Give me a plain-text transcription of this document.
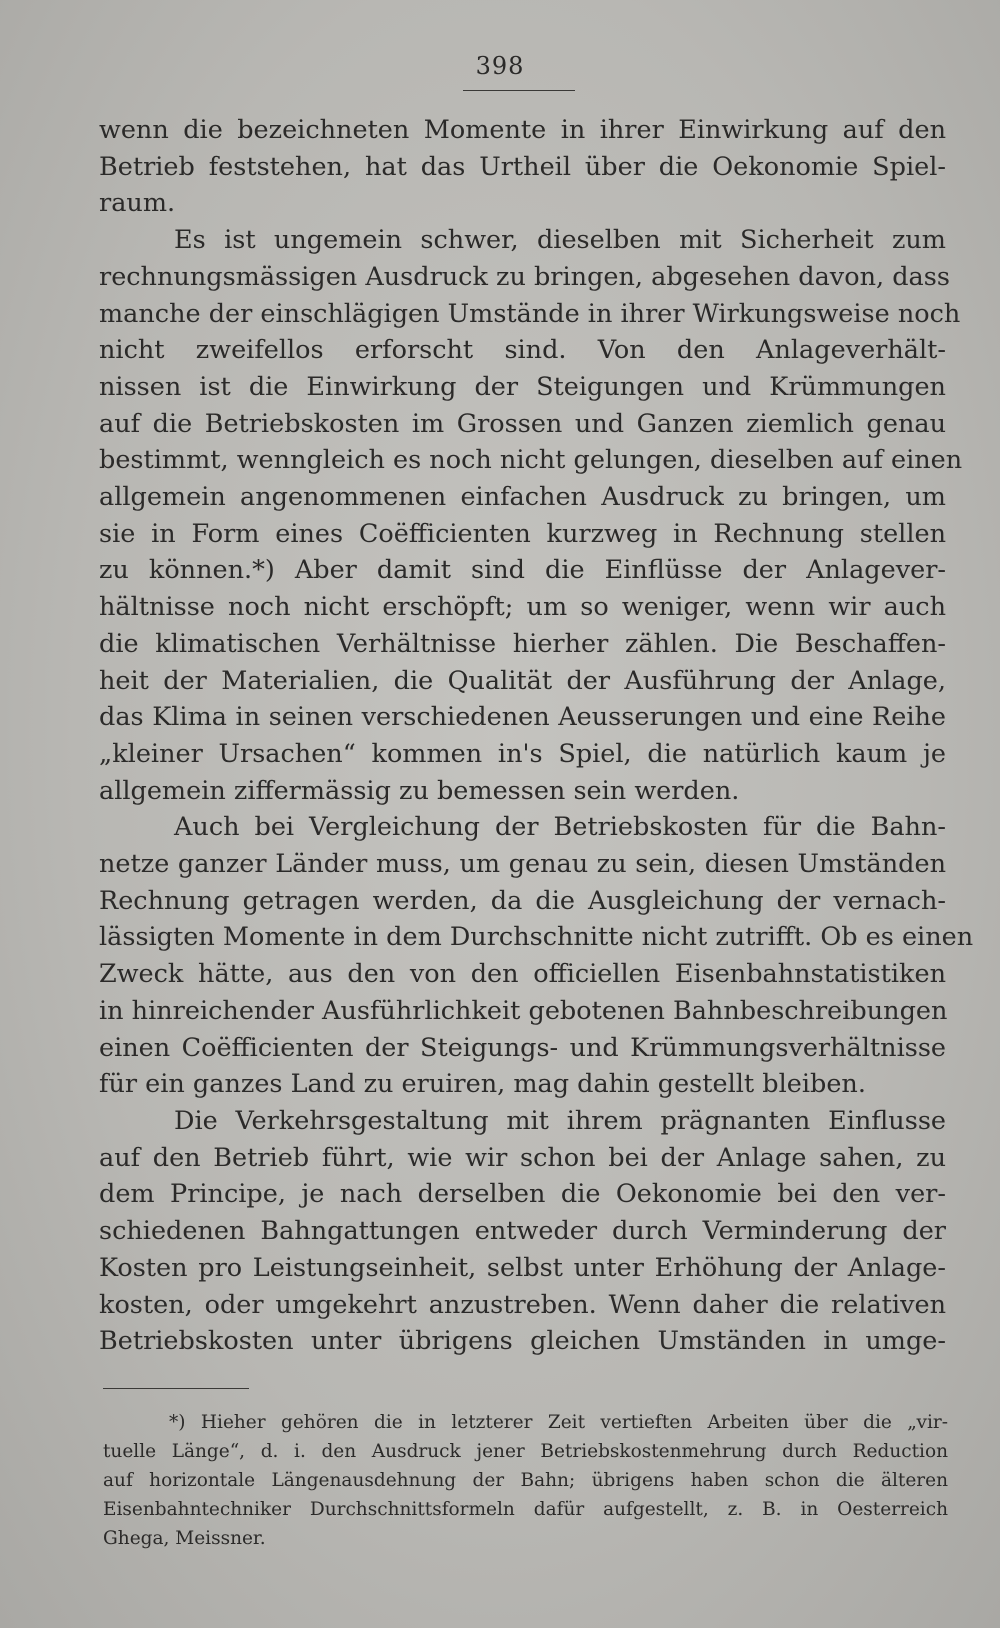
398
wenn die bezeichneten Momente in ihrer Einwirkung auf den
Betrieb feststehen, hat das Urtheil über die Oekonomie Spiel-
raum.
Es ist ungemein schwer, dieselben mit Sicherheit zum
rechnungsmässigen Ausdruck zu bringen, abgesehen davon, dass
manche der einschlägigen Umstände in ihrer Wirkungsweise noch
nicht zweifellos erforscht sind. Von den Anlageverhält-
nissen ist die Einwirkung der Steigungen und Krümmungen
auf die Betriebskosten im Grossen und Ganzen ziemlich genau
bestimmt, wenngleich es noch nicht gelungen, dieselben auf einen
allgemein angenommenen einfachen Ausdruck zu bringen, um
sie in Form eines Coëfficienten kurzweg in Rechnung stellen
zu können.*) Aber damit sind die Einflüsse der Anlagever-
hältnisse noch nicht erschöpft; um so weniger, wenn wir auch
die klimatischen Verhältnisse hierher zählen. Die Beschaffen-
heit der Materialien, die Qualität der Ausführung der Anlage,
das Klima in seinen verschiedenen Aeusserungen und eine Reihe
„kleiner Ursachen“ kommen in's Spiel, die natürlich kaum je
allgemein ziffermässig zu bemessen sein werden.
Auch bei Vergleichung der Betriebskosten für die Bahn-
netze ganzer Länder muss, um genau zu sein, diesen Umständen
Rechnung getragen werden, da die Ausgleichung der vernach-
lässigten Momente in dem Durchschnitte nicht zutrifft. Ob es einen
Zweck hätte, aus den von den officiellen Eisenbahnstatistiken
in hinreichender Ausführlichkeit gebotenen Bahnbeschreibungen
einen Coëfficienten der Steigungs- und Krümmungsverhältnisse
für ein ganzes Land zu eruiren, mag dahin gestellt bleiben.
Die Verkehrsgestaltung mit ihrem prägnanten Einflusse
auf den Betrieb führt, wie wir schon bei der Anlage sahen, zu
dem Principe, je nach derselben die Oekonomie bei den ver-
schiedenen Bahngattungen entweder durch Verminderung der
Kosten pro Leistungseinheit, selbst unter Erhöhung der Anlage-
kosten, oder umgekehrt anzustreben. Wenn daher die relativen
Betriebskosten unter übrigens gleichen Umständen in umge-
*) Hieher gehören die in letzterer Zeit vertieften Arbeiten über die „vir-
tuelle Länge“, d. i. den Ausdruck jener Betriebskostenmehrung durch Reduction
auf horizontale Längenausdehnung der Bahn; übrigens haben schon die älteren
Eisenbahntechniker Durchschnittsformeln dafür aufgestellt, z. B. in Oesterreich
Ghega, Meissner.
